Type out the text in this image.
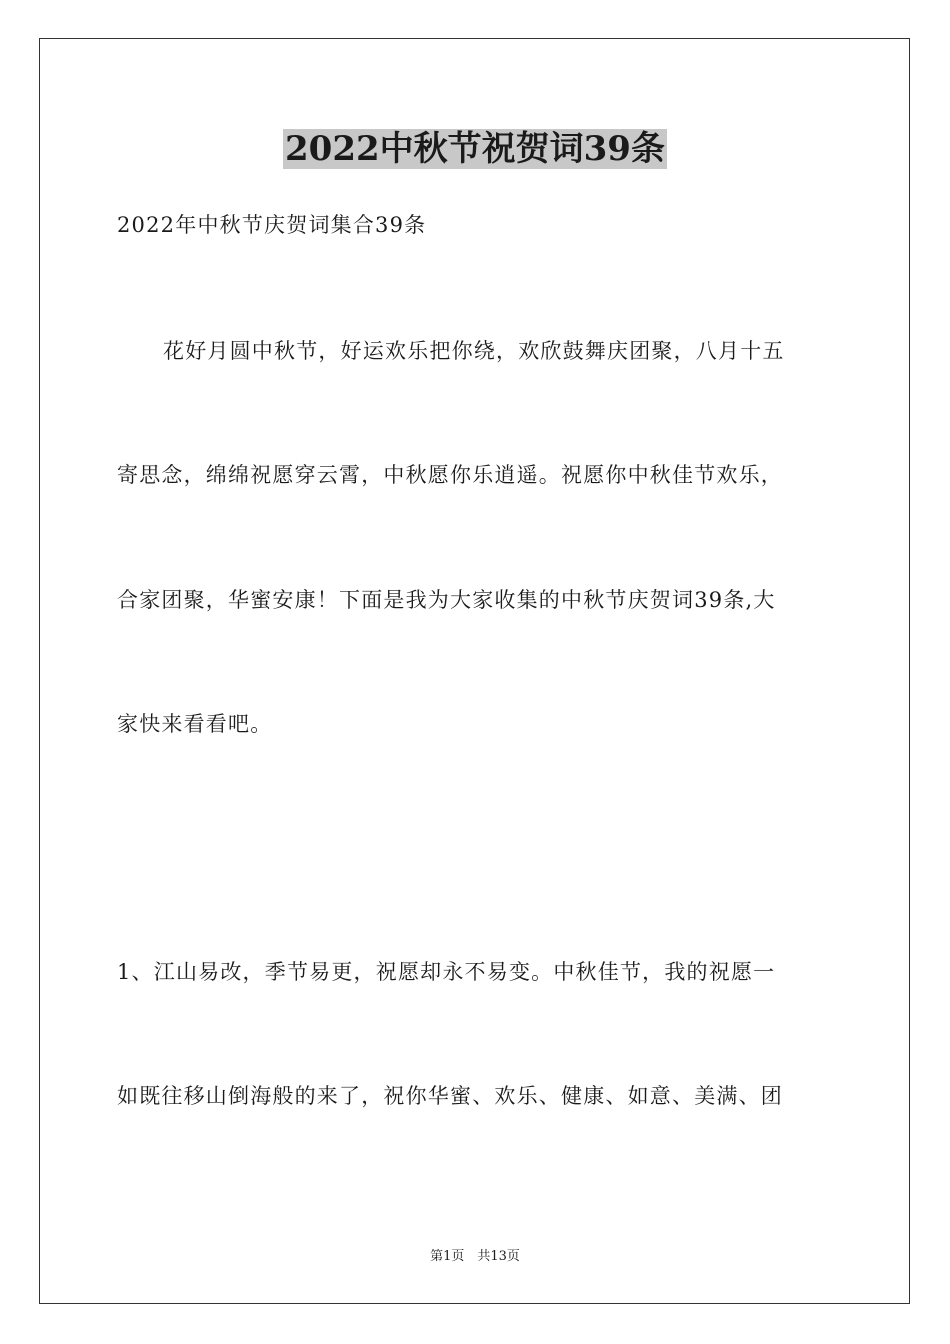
2022中秋节祝贺词39条
2022年中秋节庆贺词集合39条
花好月圆中秋节，好运欢乐把你绕，欢欣鼓舞庆团聚，八月十五
寄思念，绵绵祝愿穿云霄，中秋愿你乐逍遥。祝愿你中秋佳节欢乐，
合家团聚，华蜜安康！下面是我为大家收集的中秋节庆贺词39条,大
家快来看看吧。
1、江山易改，季节易更，祝愿却永不易变。中秋佳节，我的祝愿一
如既往移山倒海般的来了，祝你华蜜、欢乐、健康、如意、美满、团
第1页　共13页
